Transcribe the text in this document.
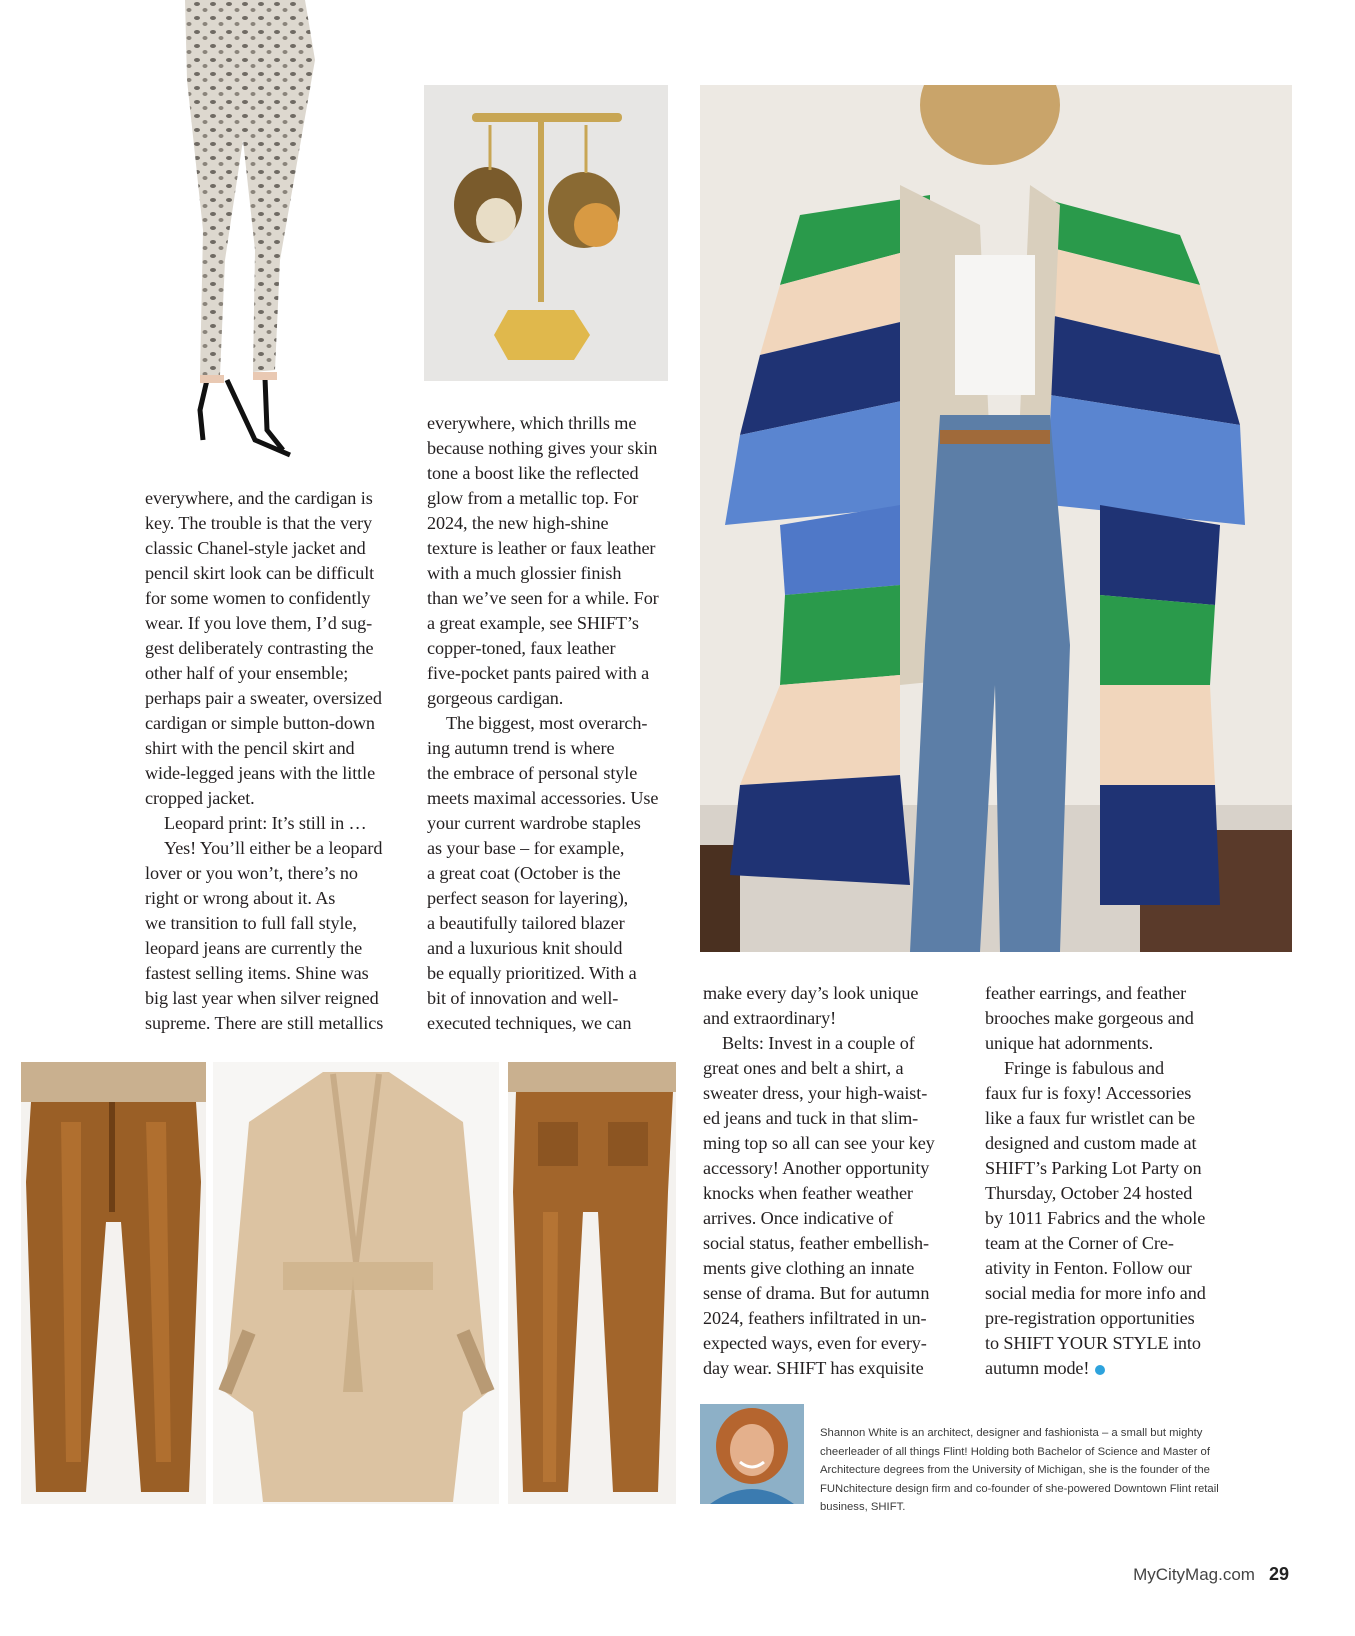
everywhere, and the cardigan is

key. The trouble is that the very

classic Chanel-style jacket and

pencil skirt look can be difficult

for some women to confidently

wear. If you love them, I’d sug-

gest deliberately contrasting the

other half of your ensemble;

perhaps pair a sweater, oversized

cardigan or simple button-down

shirt with the pencil skirt and

wide-legged jeans with the little

cropped jacket.

Leopard print: It’s still in …

Yes! You’ll either be a leopard

lover or you won’t, there’s no

right or wrong about it. As

we transition to full fall style,

leopard jeans are currently the

fastest selling items. Shine was

big last year when silver reigned

supreme. There are still metallics

everywhere, which thrills me

because nothing gives your skin

tone a boost like the reflected

glow from a metallic top. For

2024, the new high-shine

texture is leather or faux leather

with a much glossier finish

than we’ve seen for a while. For

a great example, see SHIFT’s

copper-toned, faux leather

five-pocket pants paired with a

gorgeous cardigan.

The biggest, most overarch-

ing autumn trend is where

the embrace of personal style

meets maximal accessories. Use

your current wardrobe staples

as your base – for example,

a great coat (October is the

perfect season for layering),

a beautifully tailored blazer

and a luxurious knit should

be equally prioritized. With a

bit of innovation and well-

executed techniques, we can

make every day’s look unique

and extraordinary!

Belts: Invest in a couple of

great ones and belt a shirt, a

sweater dress, your high-waist-

ed jeans and tuck in that slim-

ming top so all can see your key

accessory! Another opportunity

knocks when feather weather

arrives. Once indicative of

social status, feather embellish-

ments give clothing an innate

sense of drama. But for autumn

2024, feathers infiltrated in un-

expected ways, even for every-

day wear. SHIFT has exquisite

feather earrings, and feather

brooches make gorgeous and

unique hat adornments.

Fringe is fabulous and

faux fur is foxy! Accessories

like a faux fur wristlet can be

designed and custom made at

SHIFT’s Parking Lot Party on

Thursday, October 24 hosted

by 1011 Fabrics and the whole

team at the Corner of Cre-

ativity in Fenton. Follow our

social media for more info and

pre-registration opportunities

to SHIFT YOUR STYLE into

autumn mode!

Shannon White is an architect, designer and fashionista – a small but mighty
cheerleader of all things Flint! Holding both Bachelor of Science and Master of
Architecture degrees from the University of Michigan, she is the founder of the
FUNchitecture design firm and co-founder of she-powered Downtown Flint retail
business, SHIFT.
MyCityMag.com 29
